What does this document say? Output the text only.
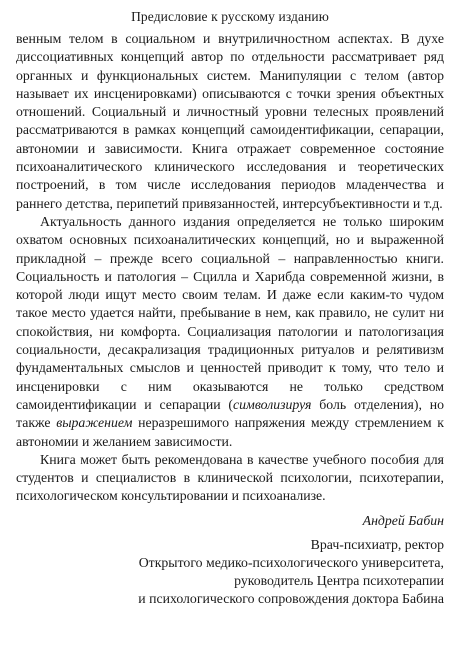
Предисловие к русскому изданию

венным телом в социальном и внутриличностном аспектах. В духе диссоциативных концепций автор по отдельности рассматривает ряд органных и функциональных систем. Манипуляции с телом (автор называет их инсценировками) описываются с точки зрения объектных отношений. Социальный и личностный уровни телесных проявлений рассматриваются в рамках концепций самоидентификации, сепарации, автономии и зависимости. Книга отражает современное состояние психоаналитического клинического исследования и теоретических построений, в том числе исследования периодов младенчества и раннего детства, перипетий привязанностей, интерсубъективности и т.д.

Актуальность данного издания определяется не только широким охватом основных психоаналитических концепций, но и выраженной прикладной – прежде всего социальной – направленностью книги. Социальность и патология – Сцилла и Харибда современной жизни, в которой люди ищут место своим телам. И даже если каким-то чудом такое место удается найти, пребывание в нем, как правило, не сулит ни спокойствия, ни комфорта. Социализация патологии и патологизация социальности, десакрализация традиционных ритуалов и релятивизм фундаментальных смыслов и ценностей приводит к тому, что тело и инсценировки с ним оказываются не только средством самоидентификации и сепарации (символизируя боль отделения), но также выражением неразрешимого напряжения между стремлением к автономии и желанием зависимости.

Книга может быть рекомендована в качестве учебного пособия для студентов и специалистов в клинической психологии, психотерапии, психологическом консультировании и психоанализе.

Андрей Бабин
Врач-психиатр, ректор
Открытого медико-психологического университета,
руководитель Центра психотерапии
и психологического сопровождения доктора Бабина
